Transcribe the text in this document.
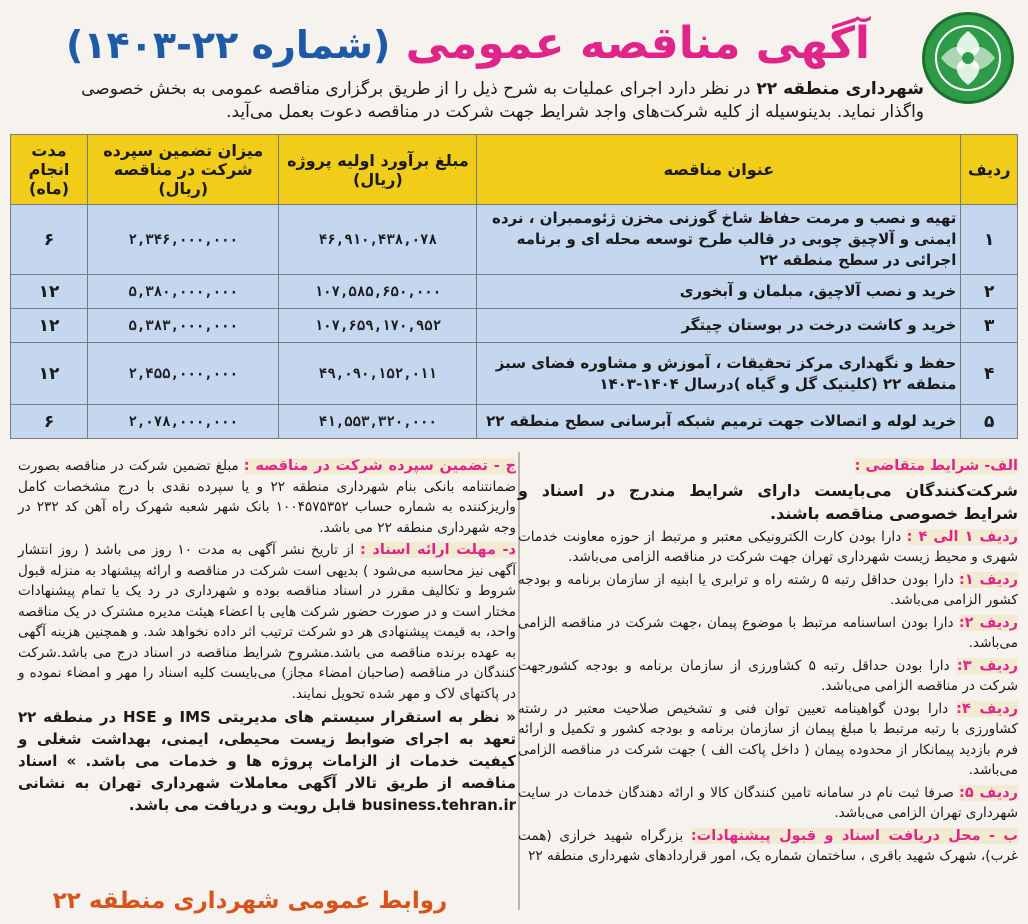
آگهی مناقصه عمومی (شماره ۲۲-۱۴۰۳)
شهرداری منطقه ۲۲ در نظر دارد اجرای عملیات به شرح ذیل را از طریق برگزاری مناقصه عمومی به بخش خصوصی واگذار نماید. بدینوسیله از کلیه شرکت‌های واجد شرایط جهت شرکت در مناقصه دعوت بعمل می‌آید.
ردیف	عنوان مناقصه	مبلغ برآورد اولیه پروژه (ریال)	میزان تضمین سپرده شرکت در مناقصه (ریال)	مدت انجام (ماه)
۱	تهیه و نصب و مرمت حفاظ شاخ گوزنی مخزن ژئوممبران ، نرده ایمنی و آلاچیق چوبی در قالب طرح توسعه محله ای و برنامه اجرائی در سطح منطقه ۲۲	۴۶,۹۱۰,۴۳۸,۰۷۸	۲,۳۴۶,۰۰۰,۰۰۰	۶
۲	خرید و نصب آلاچیق، مبلمان و آبخوری	۱۰۷,۵۸۵,۶۵۰,۰۰۰	۵,۳۸۰,۰۰۰,۰۰۰	۱۲
۳	خرید و کاشت درخت در بوستان چیتگر	۱۰۷,۶۵۹,۱۷۰,۹۵۲	۵,۳۸۳,۰۰۰,۰۰۰	۱۲
۴	حفظ و نگهداری مرکز تحقیقات ، آموزش و مشاوره فضای سبز منطقه ۲۲ (کلینیک گل و گیاه )درسال ۱۴۰۴-۱۴۰۳	۴۹,۰۹۰,۱۵۲,۰۱۱	۲,۴۵۵,۰۰۰,۰۰۰	۱۲
۵	خرید لوله و اتصالات جهت ترمیم شبکه آبرسانی سطح منطقه ۲۲	۴۱,۵۵۳,۳۲۰,۰۰۰	۲,۰۷۸,۰۰۰,۰۰۰	۶
الف- شرایط متقاضی :
شرکت‌کنندگان می‌بایست دارای شرایط مندرج در اسناد و شرایط خصوصی مناقصه باشند.
ردیف ۱ الی ۴ : دارا بودن کارت الکترونیکی معتبر و مرتبط از حوزه معاونت خدمات شهری و محیط زیست شهرداری تهران جهت شرکت در مناقصه الزامی می‌باشد.
ردیف ۱: دارا بودن حداقل رتبه ۵ رشته راه و ترابری یا ابنیه از سازمان برنامه و بودجه کشور الزامی می‌باشد.
ردیف ۲: دارا بودن اساسنامه مرتبط با موضوع پیمان ،جهت شرکت در مناقصه الزامی می‌باشد.
ردیف ۳: دارا بودن حداقل رتبه ۵ کشاورزی از سازمان برنامه و بودجه کشورجهت شرکت در مناقصه الزامی می‌باشد.
ردیف ۴: دارا بودن گواهینامه تعیین توان فنی و تشخیص صلاحیت معتبر در رشته کشاورزی با رتبه مرتبط با مبلغ پیمان از سازمان برنامه و بودجه کشور و تکمیل و ارائه فرم بازدید پیمانکار از محدوده پیمان ( داخل پاکت الف ) جهت شرکت در مناقصه الزامی می‌باشد.
ردیف ۵: صرفا ثبت نام در سامانه تامین کنندگان کالا و ارائه دهندگان خدمات در سایت شهرداری تهران الزامی می‌باشد.
ب - محل دریافت اسناد و قبول پیشنهادات: بزرگراه شهید خرازی (همت غرب)، شهرک شهید باقری ، ساختمان شماره یک، امور قراردادهای شهرداری منطقه ۲۲
ج - تضمین سپرده شرکت در مناقصه : مبلغ تضمین شرکت در مناقصه بصورت ضمانتنامه بانکی بنام شهرداری منطقه ۲۲ و یا سپرده نقدی با درج مشخصات کامل واریزکننده به شماره حساب ۱۰۰۴۵۷۵۳۵۲ بانک شهر شعبه شهرک راه آهن کد ۲۳۲ در وجه شهرداری منطقه ۲۲ می باشد.
د- مهلت ارائه اسناد : از تاریخ نشر آگهی به مدت ۱۰ روز می باشد ( روز انتشار آگهی نیز محاسبه می‌شود ) بدیهی است شرکت در مناقصه و ارائه پیشنهاد به منزله قبول شروط و تکالیف مقرر در اسناد مناقصه بوده و شهرداری در رد یک یا تمام پیشنهادات مختار است و در صورت حضور شرکت هایی با اعضاء هیئت مدیره مشترک در یک مناقصه واحد، به قیمت پیشنهادی هر دو شرکت ترتیب اثر داده نخواهد شد. و همچنین هزینه آگهی به عهده برنده مناقصه می باشد.مشروح شرایط مناقصه در اسناد درج می باشد.شرکت کنندگان در مناقصه (صاحبان امضاء مجاز) می‌بایست کلیه اسناد را مهر و امضاء نموده و در پاکتهای لاک و مهر شده تحویل نمایند.
« نظر به استقرار سیستم های مدیریتی IMS و HSE در منطقه ۲۲ تعهد به اجرای ضوابط زیست محیطی، ایمنی، بهداشت شغلی و کیفیت خدمات از الزامات پروژه ها و خدمات می باشد. » اسناد مناقصه از طریق تالار آگهی معاملات شهرداری تهران به نشانی business.tehran.ir قابل رویت و دریافت می باشد.
روابط عمومی شهرداری منطقه ۲۲
